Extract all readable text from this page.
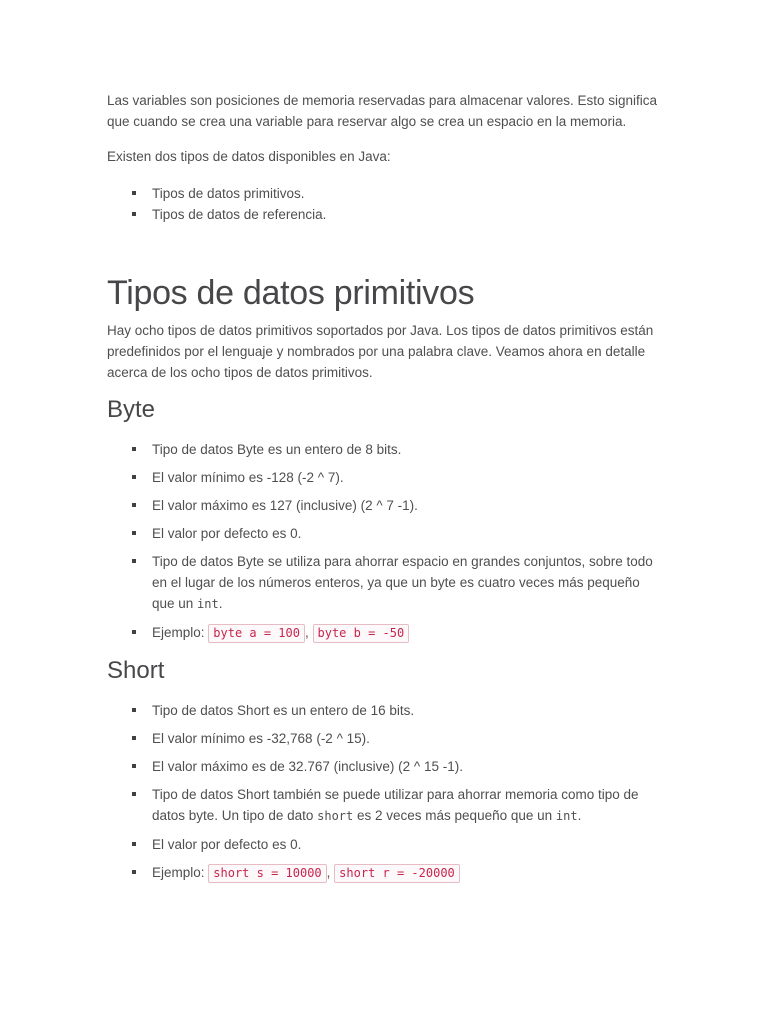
Las variables son posiciones de memoria reservadas para almacenar valores. Esto significa que cuando se crea una variable para reservar algo se crea un espacio en la memoria.

Existen dos tipos de datos disponibles en Java:

Tipos de datos primitivos.
Tipos de datos de referencia.
Tipos de datos primitivos

Hay ocho tipos de datos primitivos soportados por Java. Los tipos de datos primitivos están predefinidos por el lenguaje y nombrados por una palabra clave. Veamos ahora en detalle acerca de los ocho tipos de datos primitivos.

Byte
Tipo de datos Byte es un entero de 8 bits.
El valor mínimo es -128 (-2 ^ 7).
El valor máximo es 127 (inclusive) (2 ^ 7 -1).
El valor por defecto es 0.
Tipo de datos Byte se utiliza para ahorrar espacio en grandes conjuntos, sobre todo en el lugar de los números enteros, ya que un byte es cuatro veces más pequeño que un int.
Ejemplo: byte a = 100 , byte b = -50
Short
Tipo de datos Short es un entero de 16 bits.
El valor mínimo es -32,768 (-2 ^ 15).
El valor máximo es de 32.767 (inclusive) (2 ^ 15 -1).
Tipo de datos Short también se puede utilizar para ahorrar memoria como tipo de datos byte. Un tipo de dato short es 2 veces más pequeño que un int.
El valor por defecto es 0.
Ejemplo: short s = 10000 , short r = -20000
